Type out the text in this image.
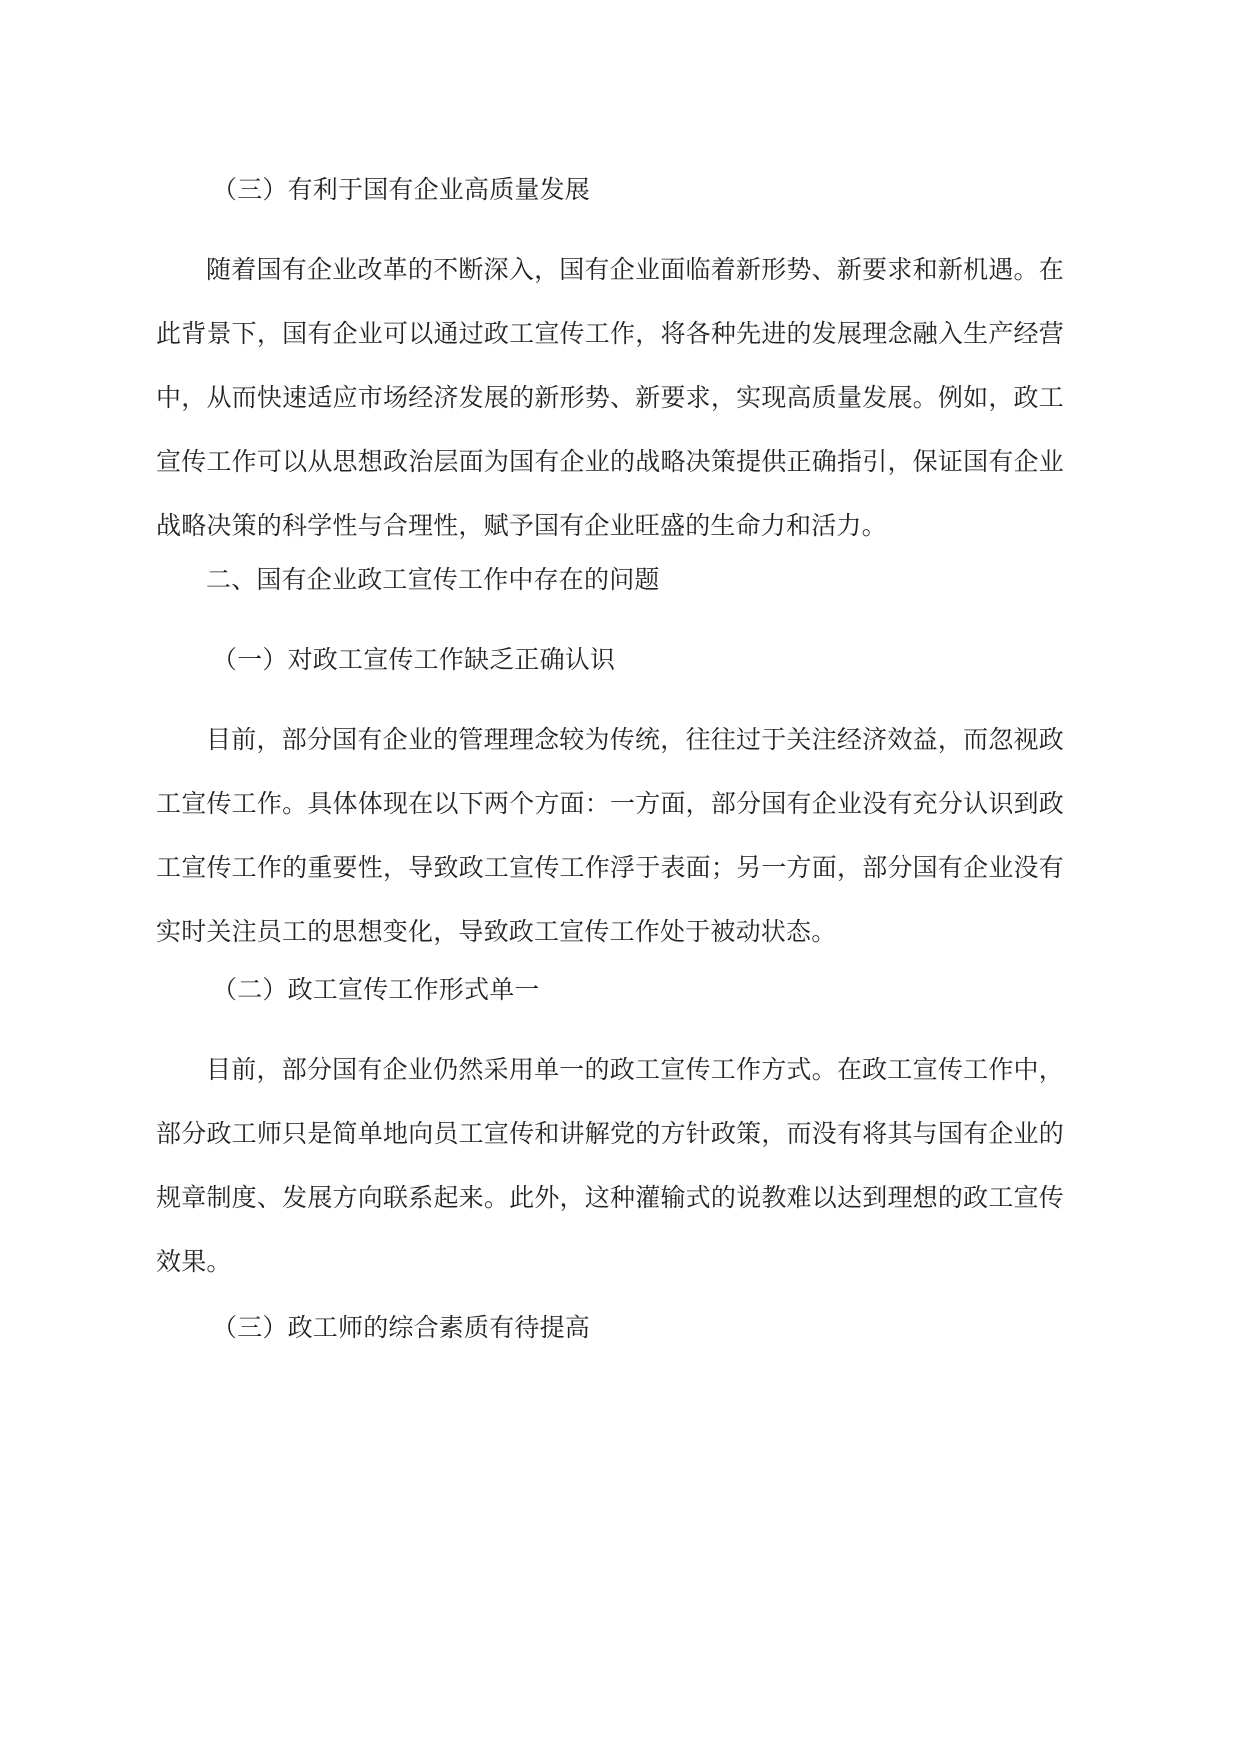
（三）有利于国有企业高质量发展

随着国有企业改革的不断深入，国有企业面临着新形势、新要求和新机遇。在此背景下，国有企业可以通过政工宣传工作，将各种先进的发展理念融入生产经营中，从而快速适应市场经济发展的新形势、新要求，实现高质量发展。例如，政工宣传工作可以从思想政治层面为国有企业的战略决策提供正确指引，保证国有企业战略决策的科学性与合理性，赋予国有企业旺盛的生命力和活力。

二、国有企业政工宣传工作中存在的问题

（一）对政工宣传工作缺乏正确认识

目前，部分国有企业的管理理念较为传统，往往过于关注经济效益，而忽视政工宣传工作。具体体现在以下两个方面：一方面，部分国有企业没有充分认识到政工宣传工作的重要性，导致政工宣传工作浮于表面；另一方面，部分国有企业没有实时关注员工的思想变化，导致政工宣传工作处于被动状态。

（二）政工宣传工作形式单一

目前，部分国有企业仍然采用单一的政工宣传工作方式。在政工宣传工作中，部分政工师只是简单地向员工宣传和讲解党的方针政策，而没有将其与国有企业的规章制度、发展方向联系起来。此外，这种灌输式的说教难以达到理想的政工宣传效果。

（三）政工师的综合素质有待提高
